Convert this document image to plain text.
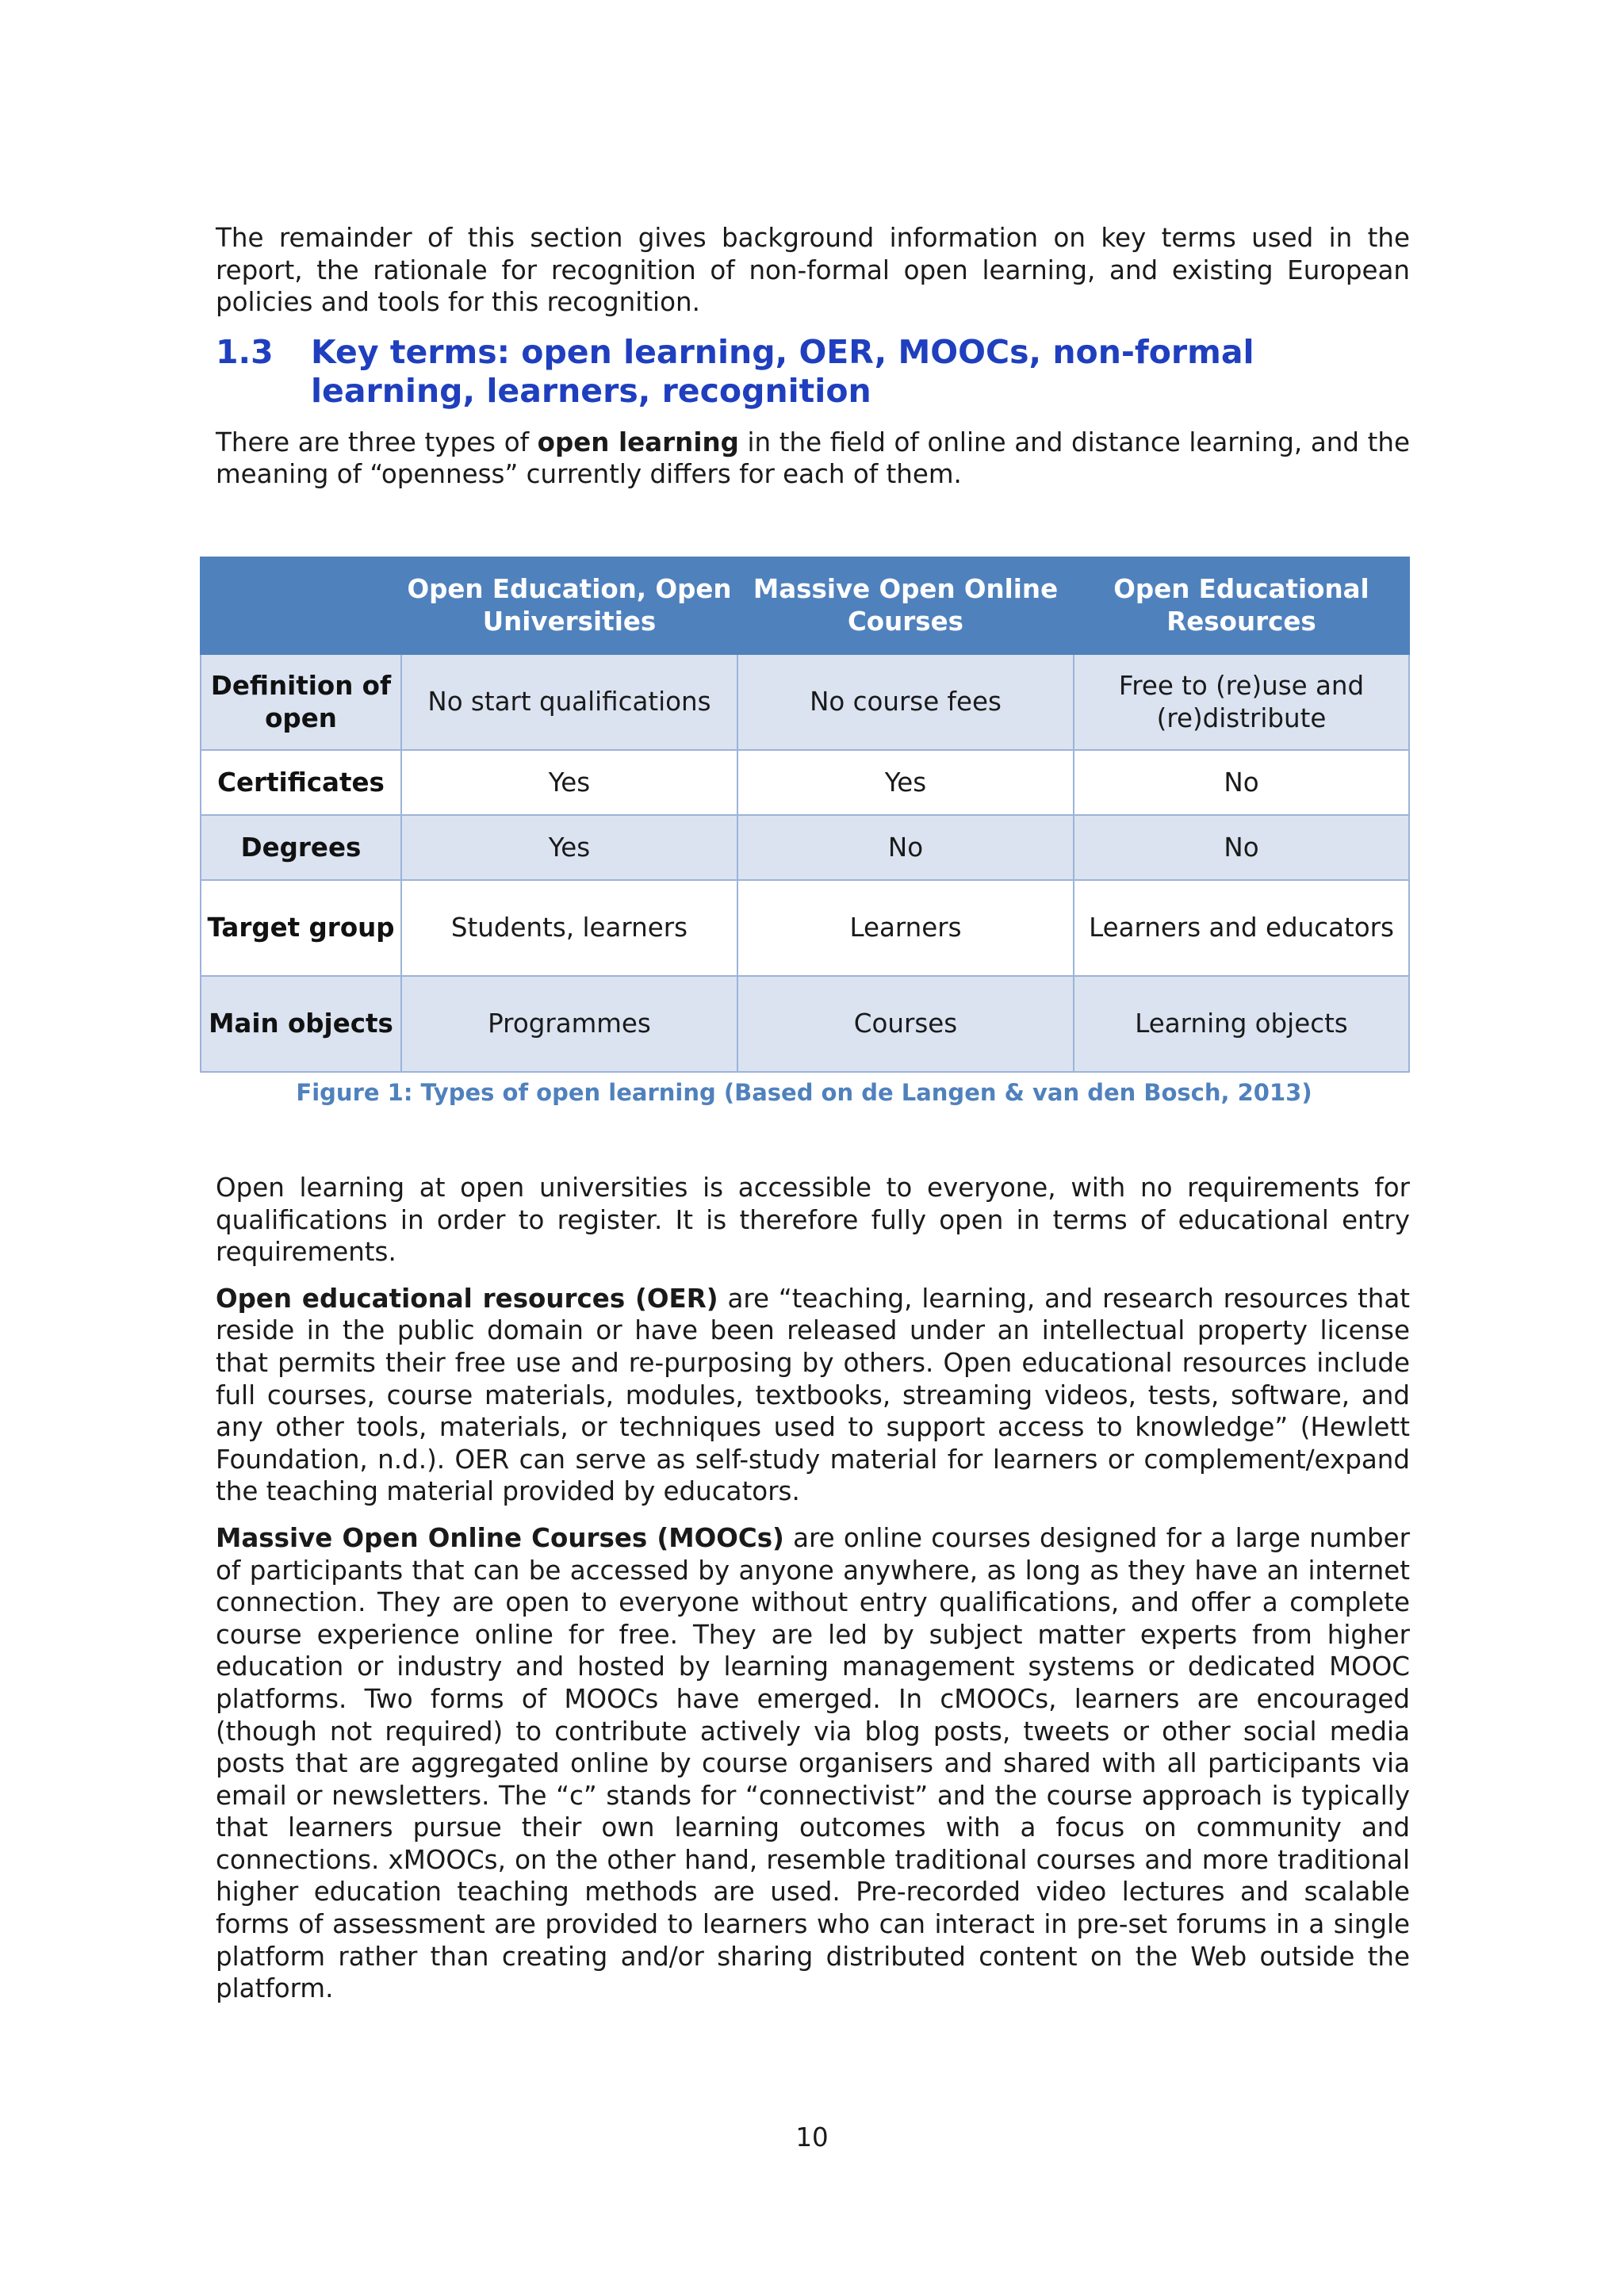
The remainder of this section gives background information on key terms used in the report, the rationale for recognition of non-formal open learning, and existing European policies and tools for this recognition.

1.3	Key terms: open learning, OER, MOOCs, non-formal learning, learners, recognition

There are three types of open learning in the field of online and distance learning, and the meaning of “openness” currently differs for each of them.

	Open Education, Open Universities	Massive Open Online Courses	Open Educational Resources
Definition of open	No start qualifications	No course fees	Free to (re)use and (re)distribute
Certificates	Yes	Yes	No
Degrees	Yes	No	No
Target group	Students, learners	Learners	Learners and educators
Main objects	Programmes	Courses	Learning objects
Figure 1: Types of open learning (Based on de Langen & van den Bosch, 2013)

Open learning at open universities is accessible to everyone, with no requirements for qualifications in order to register. It is therefore fully open in terms of educational entry requirements.

Open educational resources (OER) are “teaching, learning, and research resources that reside in the public domain or have been released under an intellectual property license that permits their free use and re-purposing by others. Open educational resources include full courses, course materials, modules, textbooks, streaming videos, tests, software, and any other tools, materials, or techniques used to support access to knowledge” (Hewlett Foundation, n.d.). OER can serve as self-study material for learners or complement/expand the teaching material provided by educators.

Massive Open Online Courses (MOOCs) are online courses designed for a large number of participants that can be accessed by anyone anywhere, as long as they have an internet connection. They are open to everyone without entry qualifications, and offer a complete course experience online for free. They are led by subject matter experts from higher education or industry and hosted by learning management systems or dedicated MOOC platforms. Two forms of MOOCs have emerged. In cMOOCs, learners are encouraged (though not required) to contribute actively via blog posts, tweets or other social media posts that are aggregated online by course organisers and shared with all participants via email or newsletters. The “c” stands for “connectivist” and the course approach is typically that learners pursue their own learning outcomes with a focus on community and connections. xMOOCs, on the other hand, resemble traditional courses and more traditional higher education teaching methods are used. Pre-recorded video lectures and scalable forms of assessment are provided to learners who can interact in pre-set forums in a single platform rather than creating and/or sharing distributed content on the Web outside the platform.

10
